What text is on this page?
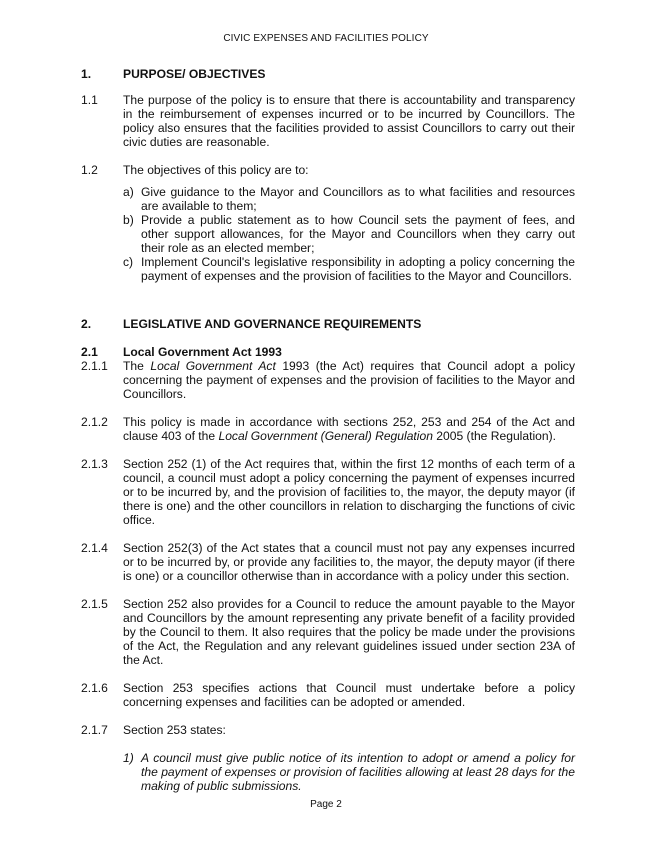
CIVIC EXPENSES AND FACILITIES POLICY
1.	PURPOSE/ OBJECTIVES
1.1	The purpose of the policy is to ensure that there is accountability and transparency in the reimbursement of expenses incurred or to be incurred by Councillors. The policy also ensures that the facilities provided to assist Councillors to carry out their civic duties are reasonable.
1.2	The objectives of this policy are to:
a) Give guidance to the Mayor and Councillors as to what facilities and resources are available to them;
b) Provide a public statement as to how Council sets the payment of fees, and other support allowances, for the Mayor and Councillors when they carry out their role as an elected member;
c) Implement Council's legislative responsibility in adopting a policy concerning the payment of expenses and the provision of facilities to the Mayor and Councillors.
2.	LEGISLATIVE AND GOVERNANCE REQUIREMENTS
2.1	Local Government Act 1993
2.1.1	The Local Government Act 1993 (the Act) requires that Council adopt a policy concerning the payment of expenses and the provision of facilities to the Mayor and Councillors.
2.1.2	This policy is made in accordance with sections 252, 253 and 254 of the Act and clause 403 of the Local Government (General) Regulation 2005 (the Regulation).
2.1.3	Section 252 (1) of the Act requires that, within the first 12 months of each term of a council, a council must adopt a policy concerning the payment of expenses incurred or to be incurred by, and the provision of facilities to, the mayor, the deputy mayor (if there is one) and the other councillors in relation to discharging the functions of civic office.
2.1.4	Section 252(3) of the Act states that a council must not pay any expenses incurred or to be incurred by, or provide any facilities to, the mayor, the deputy mayor (if there is one) or a councillor otherwise than in accordance with a policy under this section.
2.1.5	Section 252 also provides for a Council to reduce the amount payable to the Mayor and Councillors by the amount representing any private benefit of a facility provided by the Council to them. It also requires that the policy be made under the provisions of the Act, the Regulation and any relevant guidelines issued under section 23A of the Act.
2.1.6	Section 253 specifies actions that Council must undertake before a policy concerning expenses and facilities can be adopted or amended.
2.1.7	Section 253 states:
1) A council must give public notice of its intention to adopt or amend a policy for the payment of expenses or provision of facilities allowing at least 28 days for the making of public submissions.
Page 2
